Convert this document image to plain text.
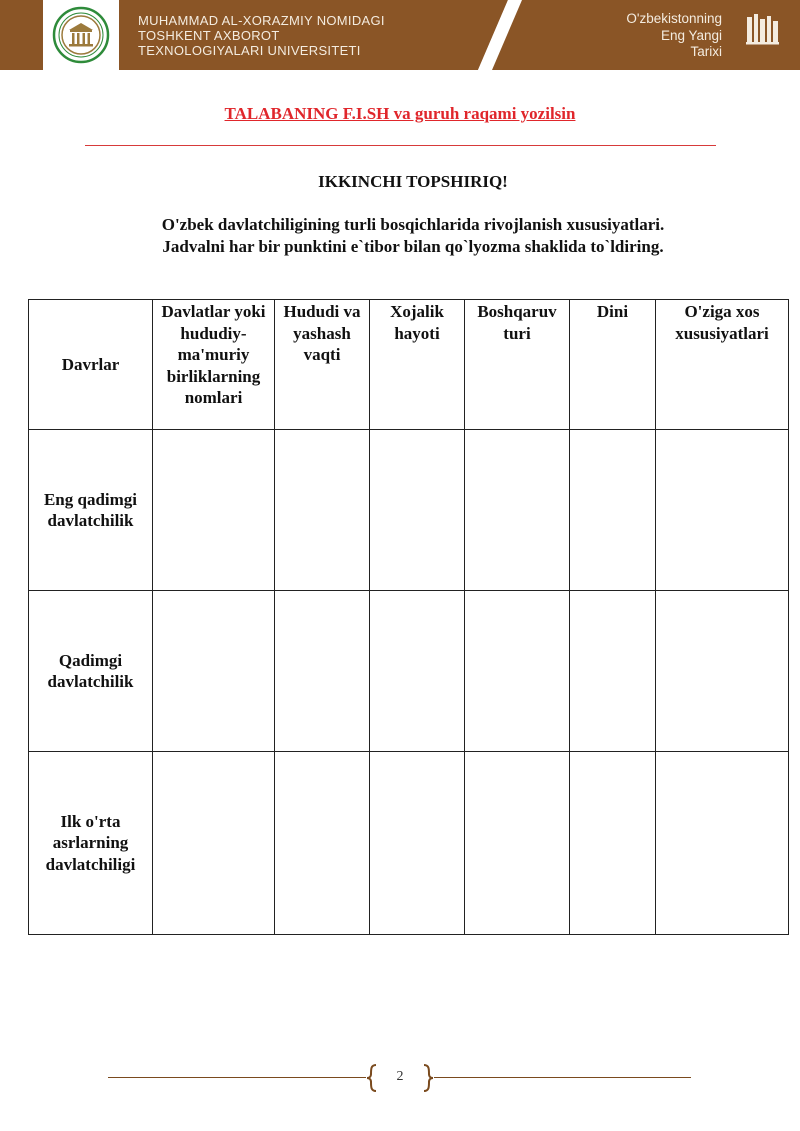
MUHAMMAD AL-XORAZMIY NOMIDAGI
TOSHKENT AXBOROT
TEXNOLOGIYALARI UNIVERSITETI
O'zbekistonning
Eng Yangi
Tarixi
TALABANING F.I.SH va guruh raqami yozilsin
IKKINCHI TOPSHIRIQ!
O'zbek davlatchiligining turli bosqichlarida rivojlanish xususiyatlari.
Jadvalni har bir punktini e`tibor bilan qo`lyozma shaklida to`ldiring.
Davrlar	Davlatlar yoki hududiy-ma'muriy birliklarning nomlari	Hududi va yashash vaqti	Xojalik hayoti	Boshqaruv turi	Dini	O'ziga xos xususiyatlari
Eng qadimgi davlatchilik						
Qadimgi davlatchilik						
Ilk o'rta asrlarning davlatchiligi						
2
